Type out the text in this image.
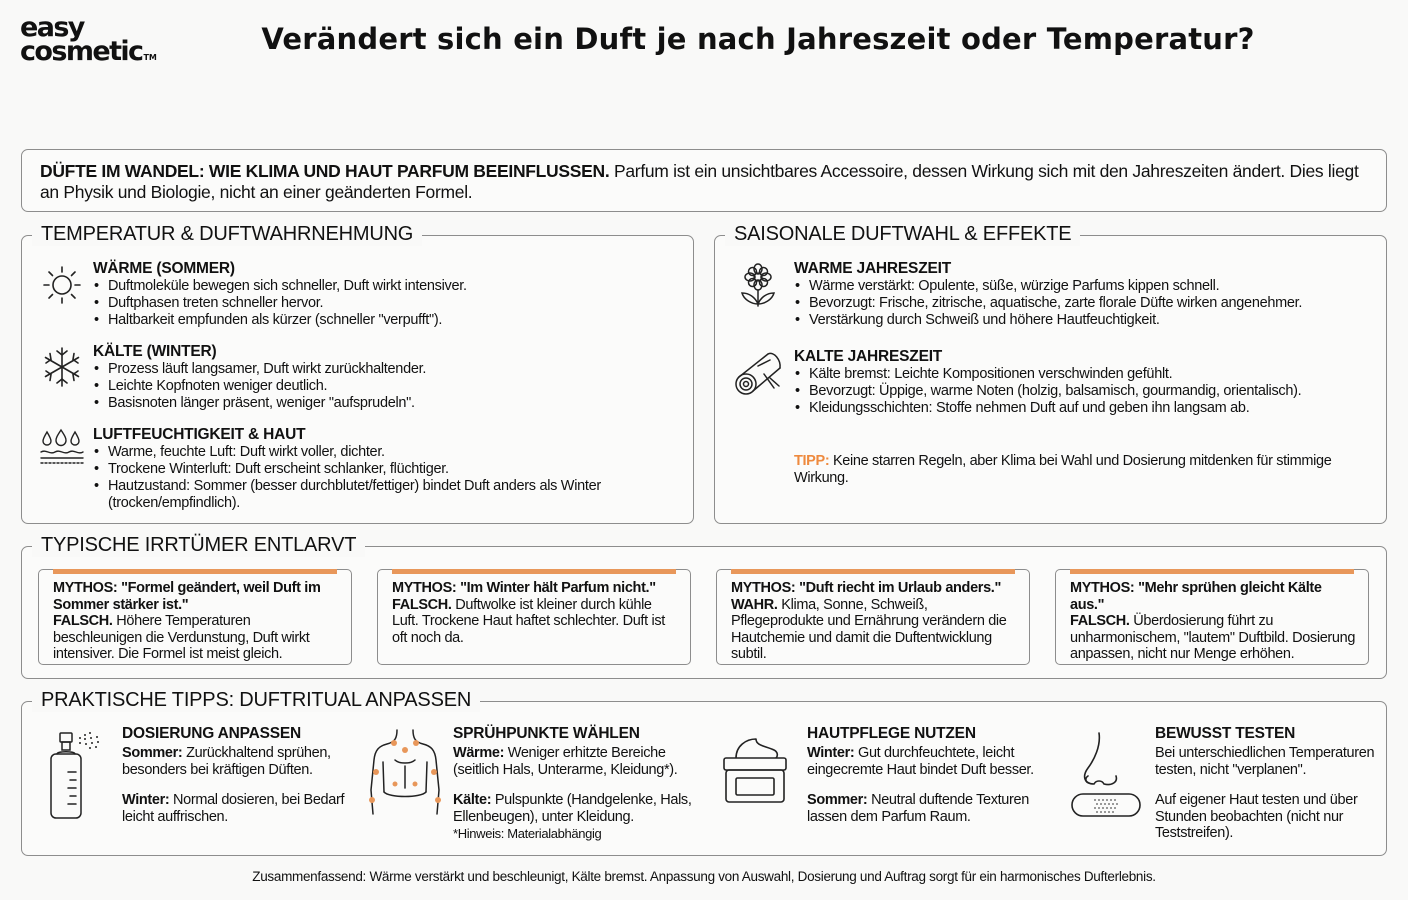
easy
cosmetic™
Verändert sich ein Duft je nach Jahreszeit oder Temperatur?
DÜFTE IM WANDEL: WIE KLIMA UND HAUT PARFUM BEEINFLUSSEN. Parfum ist ein unsichtbares Accessoire, dessen Wirkung sich mit den Jahreszeiten ändert. Dies liegt an Physik und Biologie, nicht an einer geänderten Formel.
TEMPERATUR & DUFTWAHRNEHMUNG
WÄRME (SOMMER)
• Duftmoleküle bewegen sich schneller, Duft wirkt intensiver.
• Duftphasen treten schneller hervor.
• Haltbarkeit empfunden als kürzer (schneller "verpufft").
KÄLTE (WINTER)
• Prozess läuft langsamer, Duft wirkt zurückhaltender.
• Leichte Kopfnoten weniger deutlich.
• Basisnoten länger präsent, weniger "aufsprudeln".
LUFTFEUCHTIGKEIT & HAUT
• Warme, feuchte Luft: Duft wirkt voller, dichter.
• Trockene Winterluft: Duft erscheint schlanker, flüchtiger.
• Hautzustand: Sommer (besser durchblutet/fettiger) bindet Duft anders als Winter (trocken/empfindlich).
SAISONALE DUFTWAHL & EFFEKTE
WARME JAHRESZEIT
• Wärme verstärkt: Opulente, süße, würzige Parfums kippen schnell.
• Bevorzugt: Frische, zitrische, aquatische, zarte florale Düfte wirken angenehmer.
• Verstärkung durch Schweiß und höhere Hautfeuchtigkeit.
KALTE JAHRESZEIT
• Kälte bremst: Leichte Kompositionen verschwinden gefühlt.
• Bevorzugt: Üppige, warme Noten (holzig, balsamisch, gourmandig, orientalisch).
• Kleidungsschichten: Stoffe nehmen Duft auf und geben ihn langsam ab.
TIPP: Keine starren Regeln, aber Klima bei Wahl und Dosierung mitdenken für stimmige Wirkung.
TYPISCHE IRRTÜMER ENTLARVT
MYTHOS: "Formel geändert, weil Duft im Sommer stärker ist."
FALSCH. Höhere Temperaturen beschleunigen die Verdunstung, Duft wirkt intensiver. Die Formel ist meist gleich.
MYTHOS: "Im Winter hält Parfum nicht."
FALSCH. Duftwolke ist kleiner durch kühle Luft. Trockene Haut haftet schlechter. Duft ist oft noch da.
MYTHOS: "Duft riecht im Urlaub anders."
WAHR. Klima, Sonne, Schweiß, Pflegeprodukte und Ernährung verändern die Hautchemie und damit die Duftentwicklung subtil.
MYTHOS: "Mehr sprühen gleicht Kälte aus."
FALSCH. Überdosierung führt zu unharmonischem, "lautem" Duftbild. Dosierung anpassen, nicht nur Menge erhöhen.
PRAKTISCHE TIPPS: DUFTRITUAL ANPASSEN
DOSIERUNG ANPASSEN
Sommer: Zurückhaltend sprühen, besonders bei kräftigen Düften.
Winter: Normal dosieren, bei Bedarf leicht auffrischen.
SPRÜHPUNKTE WÄHLEN
Wärme: Weniger erhitzte Bereiche (seitlich Hals, Unterarme, Kleidung*).
Kälte: Pulspunkte (Handgelenke, Hals, Ellenbeugen), unter Kleidung.
*Hinweis: Materialabhängig
HAUTPFLEGE NUTZEN
Winter: Gut durchfeuchtete, leicht eingecremte Haut bindet Duft besser.
Sommer: Neutral duftende Texturen lassen dem Parfum Raum.
BEWUSST TESTEN
Bei unterschiedlichen Temperaturen testen, nicht "verplanen".
Auf eigener Haut testen und über Stunden beobachten (nicht nur Teststreifen).
Zusammenfassend: Wärme verstärkt und beschleunigt, Kälte bremst. Anpassung von Auswahl, Dosierung und Auftrag sorgt für ein harmonisches Dufterlebnis.
